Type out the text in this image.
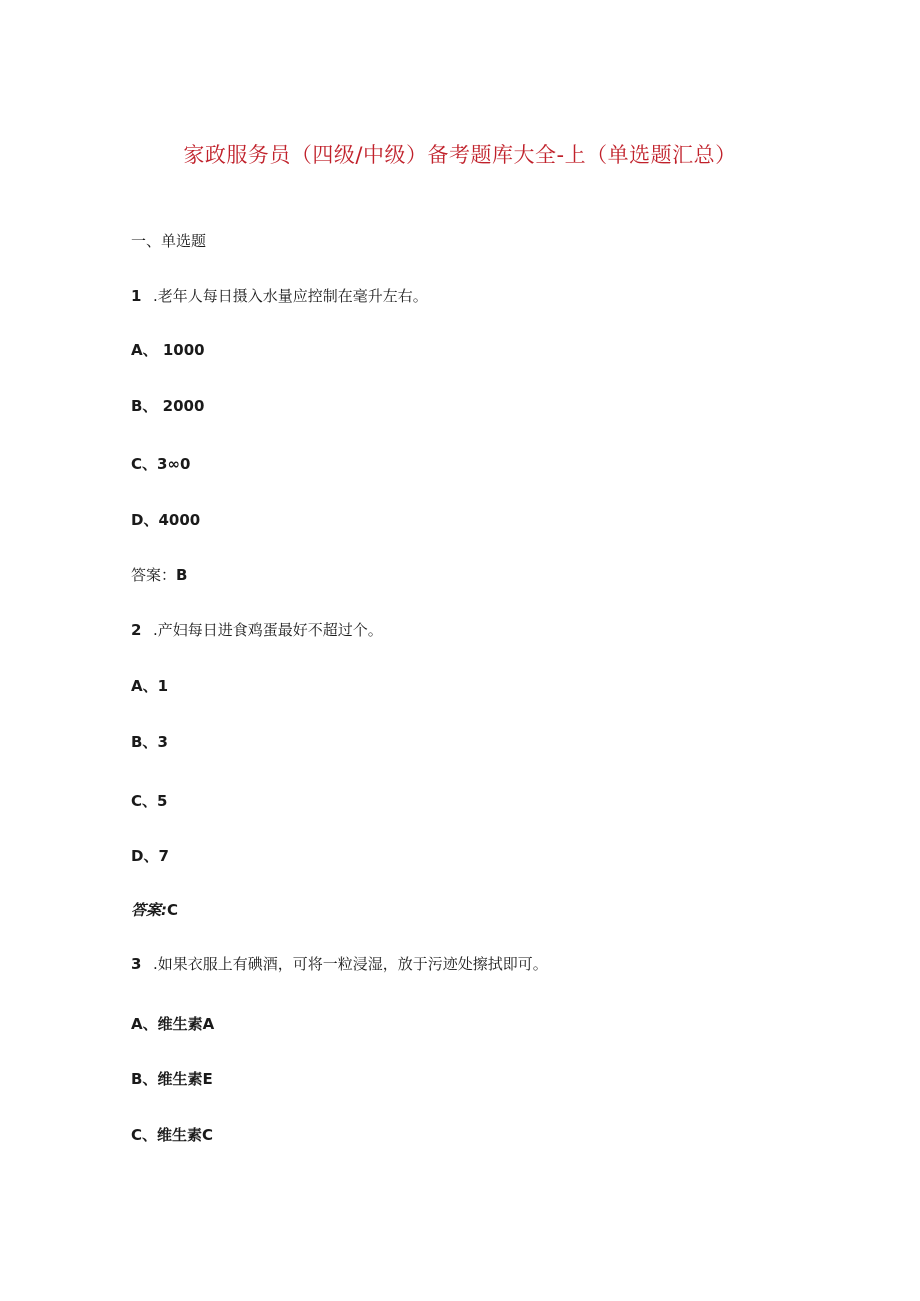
家政服务员（四级/中级）备考题库大全-上（单选题汇总）
一、单选题
1 .老年人每日摄入水量应控制在毫升左右。
A、 1000
B、 2000
C、3∞0
D、4000
答案：B
2 .产妇每日进食鸡蛋最好不超过个。
A、1
B、3
C、5
D、7
答案:C
3 .如果衣服上有碘酒，可将一粒浸湿，放于污迹处擦拭即可。
A、维生素A
B、维生素E
C、维生素C
